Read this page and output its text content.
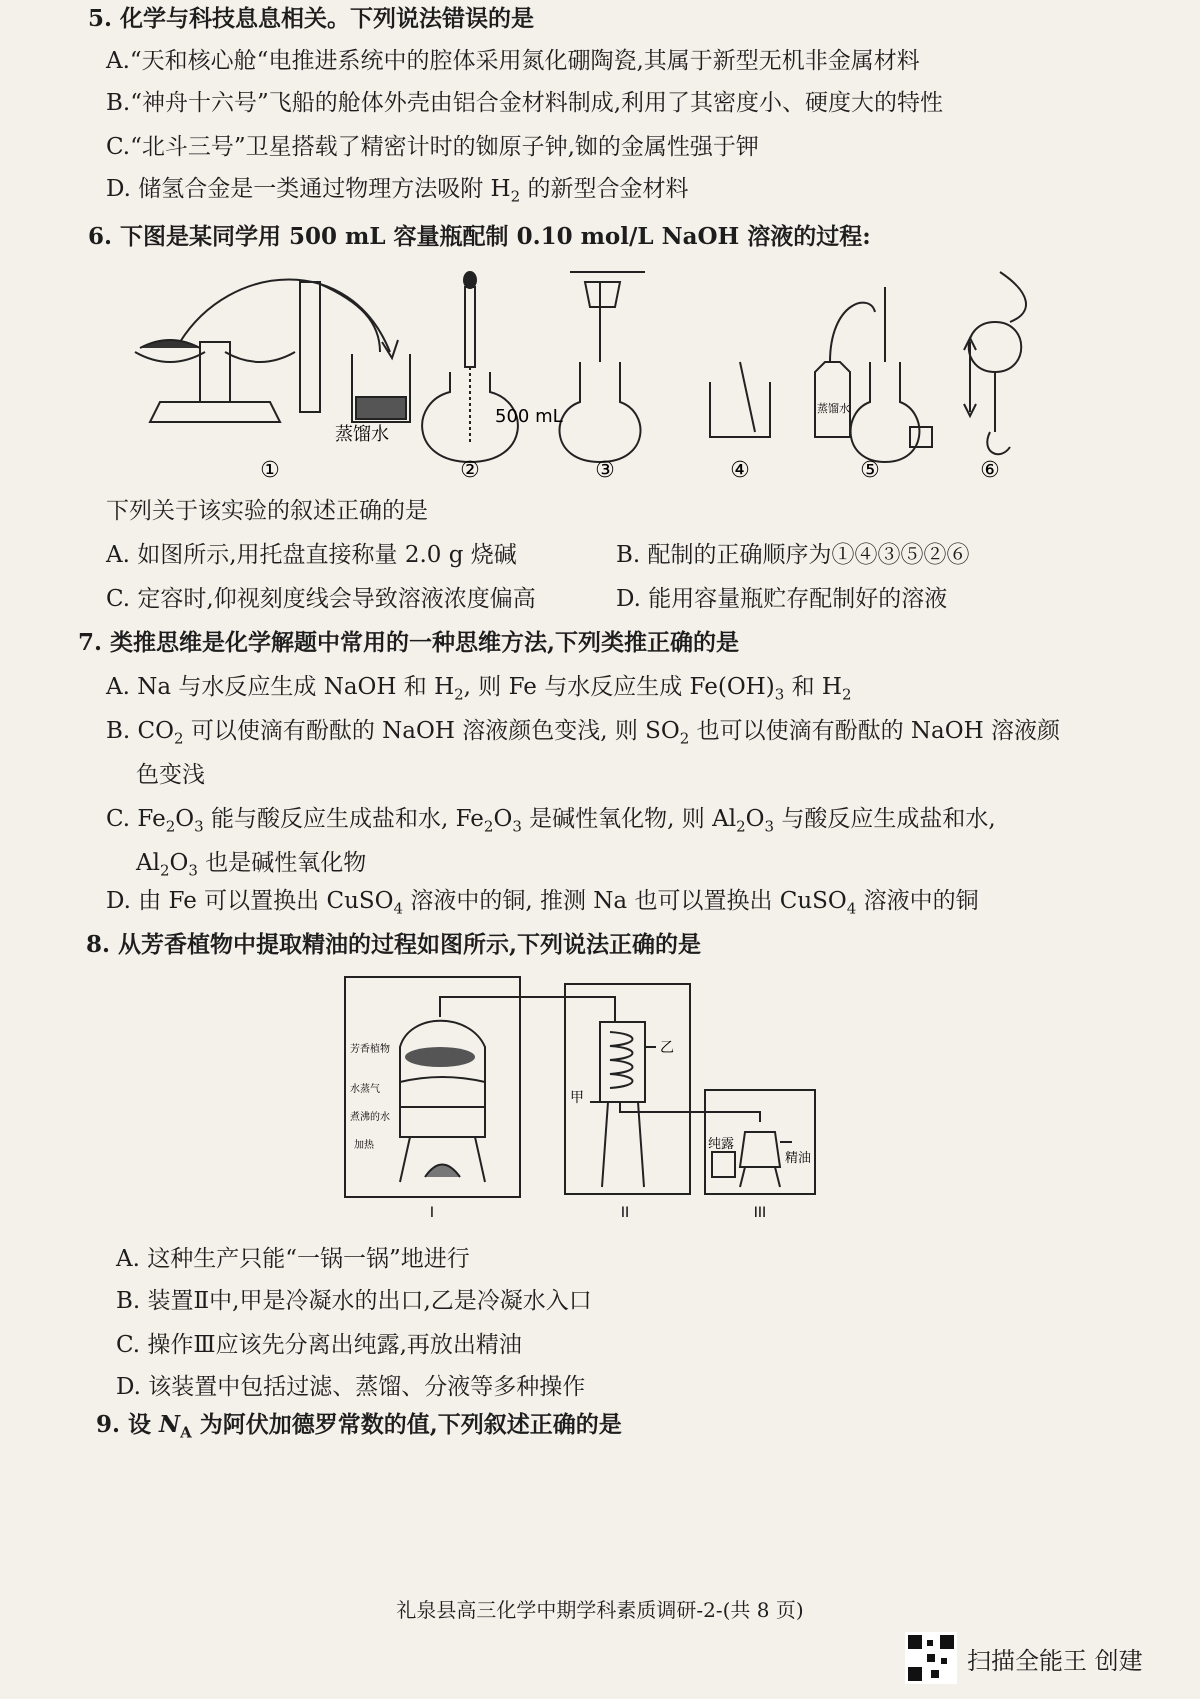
5. 化学与科技息息相关。下列说法错误的是
A.“天和核心舱“电推进系统中的腔体采用氮化硼陶瓷,其属于新型无机非金属材料
B.“神舟十六号”飞船的舱体外壳由铝合金材料制成,利用了其密度小、硬度大的特性
C.“北斗三号”卫星搭载了精密计时的铷原子钟,铷的金属性强于钾
D. 储氢合金是一类通过物理方法吸附 $H_2$ 的新型合金材料
6. 下图是某同学用 500 mL 容量瓶配制 0.10 mol/L NaOH 溶液的过程:
蒸馏水
500 mL	蒸馏水
①	②	③	④	⑤	⑥
下列关于该实验的叙述正确的是
A. 如图所示,用托盘直接称量 2.0 g 烧碱	B. 配制的正确顺序为①④③⑤②⑥
C. 定容时,仰视刻度线会导致溶液浓度偏高	D. 能用容量瓶贮存配制好的溶液
7. 类推思维是化学解题中常用的一种思维方法,下列类推正确的是
A. Na 与水反应生成 NaOH 和 $H_2$, 则 Fe 与水反应生成 $Fe(OH)_3$ 和 $H_2$
B. $CO_2$ 可以使滴有酚酞的 NaOH 溶液颜色变浅, 则 $SO_2$ 也可以使滴有酚酞的 NaOH 溶液颜
色变浅
C. $Fe_2O_3$ 能与酸反应生成盐和水, $Fe_2O_3$ 是碱性氧化物, 则 $Al_2O_3$ 与酸反应生成盐和水,
$Al_2O_3$ 也是碱性氧化物
D. 由 Fe 可以置换出 CuSO$_4$ 溶液中的铜, 推测 Na 也可以置换出 CuSO$_4$ 溶液中的铜
8. 从芳香植物中提取精油的过程如图所示,下列说法正确的是
芳香植物
水蒸气
煮沸的水
加热
甲
乙
纯露
精油
I	II	III
A. 这种生产只能“一锅一锅”地进行
B. 装置Ⅱ中,甲是冷凝水的出口,乙是冷凝水入口
C. 操作Ⅲ应该先分离出纯露,再放出精油
D. 该装置中包括过滤、蒸馏、分液等多种操作
9. 设 $N_A$ 为阿伏加德罗常数的值,下列叙述正确的是
礼泉县高三化学中期学科素质调研-2-(共 8 页)
扫描全能王 创建
